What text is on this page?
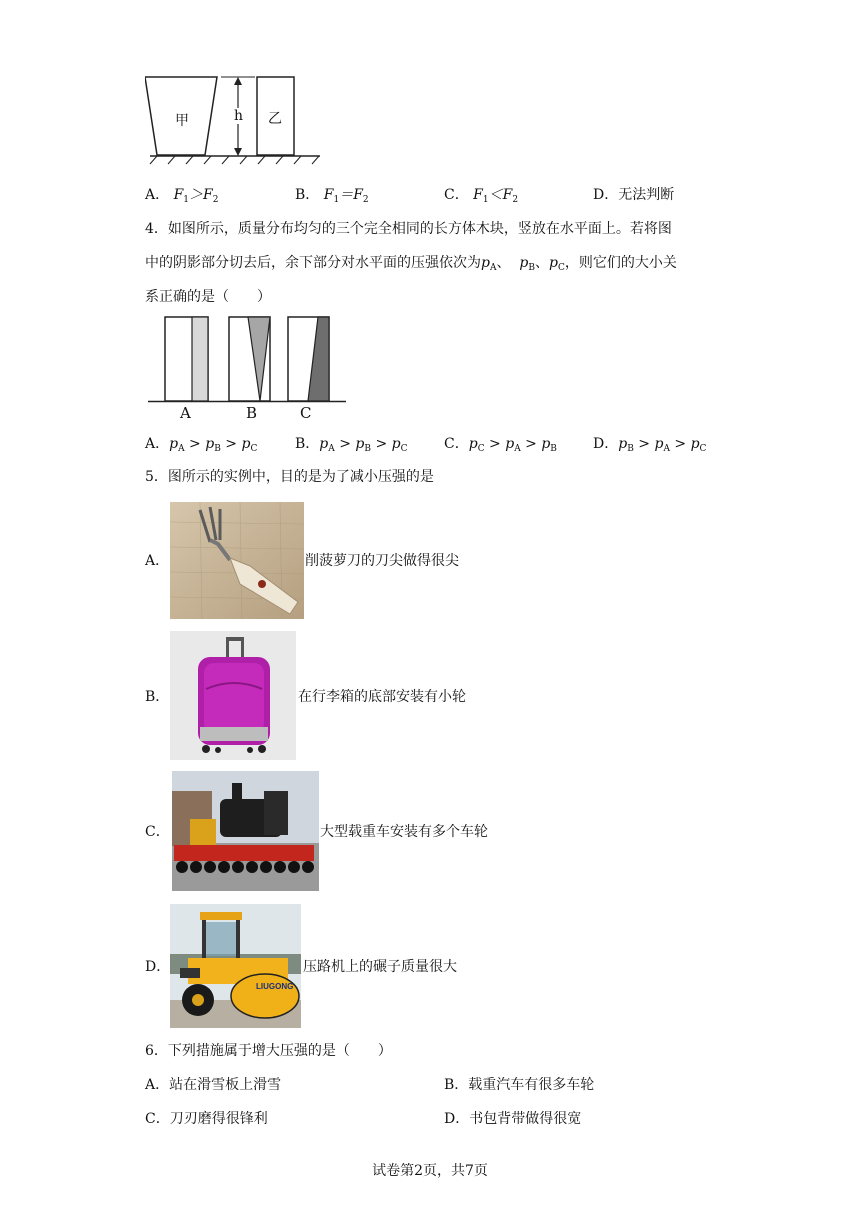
甲	h 乙
A． $F_1>F_2$	B． $F_1=F_2$	C． $F_1<F_2$	D．无法判断
4．如图所示，质量分布均匀的三个完全相同的长方体木块，竖放在水平面上。若将图
中的阴影部分切去后，余下部分对水平面的压强依次为$p_A$、 $p_B$、$p_C$，则它们的大小关
系正确的是（　　）
A	B	C
A．$p_A > p_B > p_C$	B．$p_A > p_B > p_C$	C．$p_C > p_A > p_B$	D．$p_B > p_A > p_C$
5．图所示的实例中，目的是为了减小压强的是
A．	削菠萝刀的刀尖做得很尖
B．	在行李箱的底部安装有小轮
C．	大型载重车安装有多个车轮
D．
LIUGONG
压路机上的碾子质量很大
6．下列措施属于增大压强的是（　　）
A．站在滑雪板上滑雪	B．载重汽车有很多车轮
C．刀刃磨得很锋利	D．书包背带做得很宽
试卷第2页，共7页
